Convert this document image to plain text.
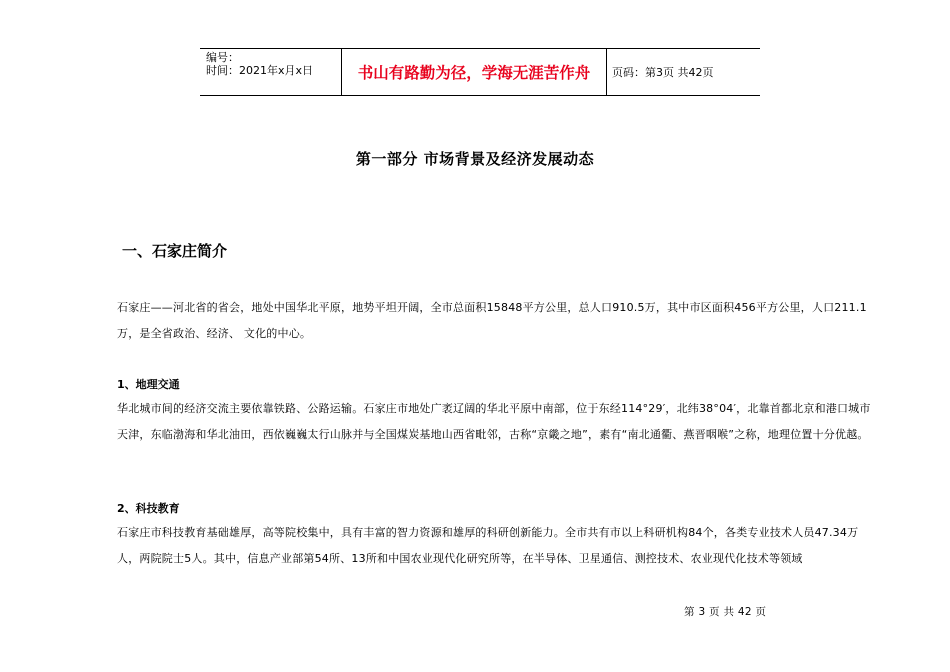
编号：
时间：2021年x月x日	书山有路勤为径，学海无涯苦作舟 页码：第3页 共42页
第一部分 市场背景及经济发展动态
一、石家庄简介
石家庄——河北省的省会，地处中国华北平原，地势平坦开阔，全市总面积15848平方公里，总人口910.5万，其中市区面积456平方公里，人口211.1万，是全省政治、经济、 文化的中心。
1、地理交通
华北城市间的经济交流主要依靠铁路、公路运输。石家庄市地处广袤辽阔的华北平原中南部，位于东经114°29′，北纬38°04′，北靠首都北京和港口城市天津，东临渤海和华北油田，西依巍巍太行山脉并与全国煤炭基地山西省毗邻，古称“京畿之地”，素有“南北通衢、燕晋咽喉”之称，地理位置十分优越。
2、科技教育
石家庄市科技教育基础雄厚，高等院校集中，具有丰富的智力资源和雄厚的科研创新能力。全市共有市以上科研机构84个，各类专业技术人员47.34万人，两院院士5人。其中，信息产业部第54所、13所和中国农业现代化研究所等，在半导体、卫星通信、测控技术、农业现代化技术等领域
第 3 页 共 42 页
